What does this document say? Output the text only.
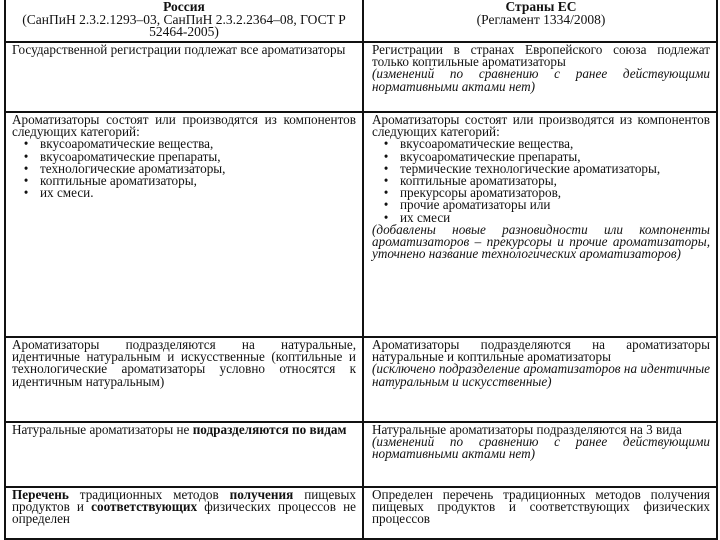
Россия
(СанПиН 2.3.2.1293–03, СанПиН 2.3.2.2364–08, ГОСТ Р 52464-2005)
Страны ЕС
(Регламент 1334/2008)
Государственной регистрации подлежат все ароматизаторы	Регистрации в странах Европейского союза подлежат только коптильные ароматизаторы
(изменений по сравнению с ранее действующими нормативными актами нет)
Ароматизаторы состоят или производятся из компонентов следующих категорий:
• вкусоароматические вещества,
• вкусоароматические препараты,
• технологические ароматизаторы,
• коптильные ароматизаторы,
• их смеси.
Ароматизаторы состоят или производятся из компонентов следующих категорий:
• вкусоароматические вещества,
• вкусоароматические препараты,
• термические технологические ароматизаторы,
• коптильные ароматизаторы,
• прекурсоры ароматизаторов,
• прочие ароматизаторы или
• их смеси
(добавлены новые разновидности или компоненты ароматизаторов – прекурсоры и прочие ароматизаторы, уточнено название технологических ароматизаторов)
Ароматизаторы подразделяются на натуральные, идентичные натуральным и искусственные (коптильные и технологические ароматизаторы условно относятся к идентичным натуральным)
Ароматизаторы подразделяются на ароматизаторы натуральные и коптильные ароматизаторы
(исключено подразделение ароматизаторов на идентичные натуральным и искусственные)
Натуральные ароматизаторы не подразделяются по видам	Натуральные ароматизаторы подразделяются на 3 вида
(изменений по сравнению с ранее действующими нормативными актами нет)
Перечень традиционных методов получения пищевых продуктов и соответствующих физических процессов не определен
Определен перечень традиционных методов получения пищевых продуктов и соответствующих физических процессов
